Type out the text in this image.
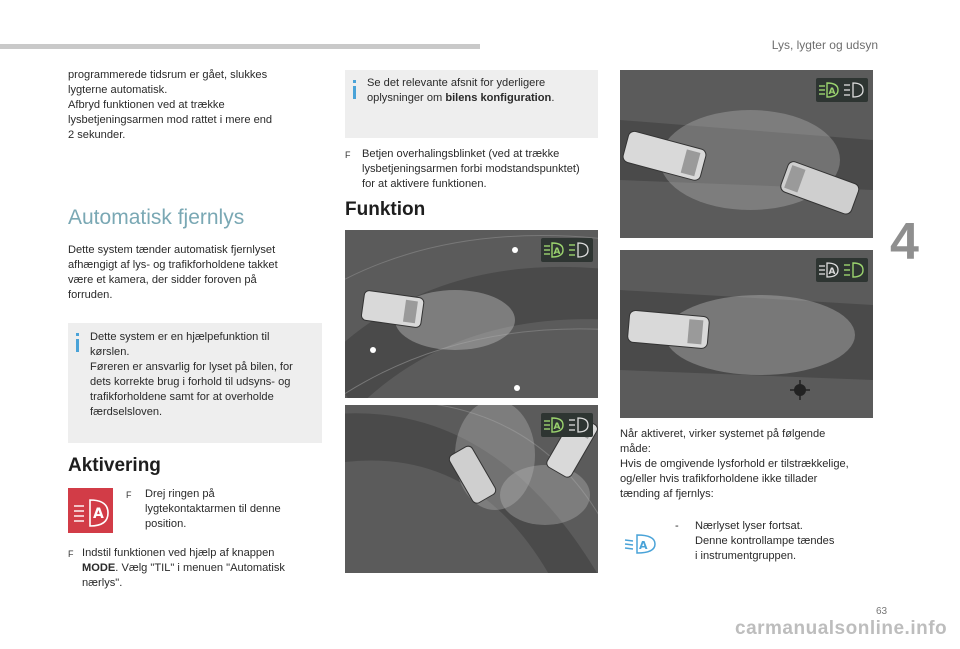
Lys, lygter og udsyn
4
63
carmanualsonline.info
programmerede tidsrum er gået, slukkes
lygterne automatisk.
Afbryd funktionen ved at trække
lysbetjeningsarmen mod rattet i mere end
2 sekunder.
Automatisk fjernlys
Dette system tænder automatisk fjernlyset
afhængigt af lys- og trafikforholdene takket
være et kamera, der sidder foroven på
forruden.
Dette system er en hjælpefunktion til
kørslen.
Føreren er ansvarlig for lyset på bilen, for
dets korrekte brug i forhold til udsyns- og
trafikforholdene samt for at overholde
færdselsloven.
Aktivering
A
F Drej ringen på
lygtekontaktarmen til denne
position.
F Indstil funktionen ved hjælp af knappen
MODE. Vælg "TIL" i menuen "Automatisk
nærlys".
Se det relevante afsnit for yderligere
oplysninger om bilens konfiguration.
F Betjen overhalingsblinket (ved at trække
lysbetjeningsarmen forbi modstandspunktet)
for at aktivere funktionen.
Funktion
A
A
A
A
Når aktiveret, virker systemet på følgende
måde:
Hvis de omgivende lysforhold er tilstrækkelige,
og/eller hvis trafikforholdene ikke tillader
tænding af fjernlys:
A
- Nærlyset lyser fortsat.
Denne kontrollampe tændes
i instrumentgruppen.
